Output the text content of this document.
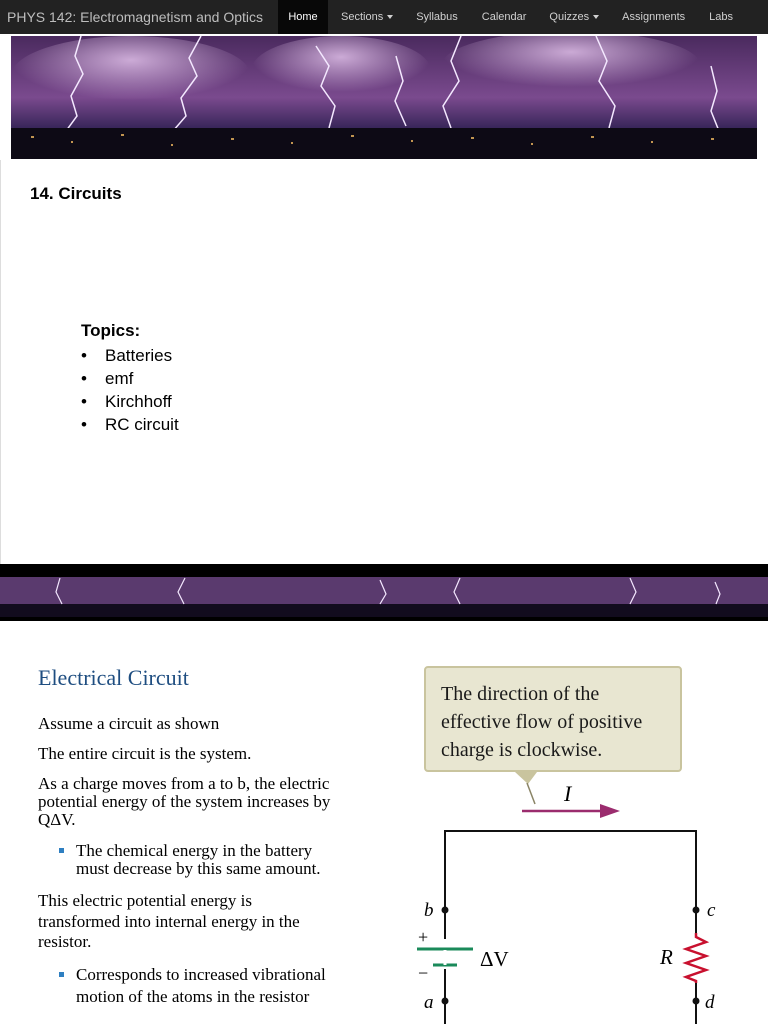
PHYS 142: Electromagnetism and Optics	Home	Sections	Syllabus Calendar Quizzes	Assignments Labs
14. Circuits
Topics:
• Batteries
• emf
• Kirchhoff
• RC circuit
Electrical Circuit
Assume a circuit as shown
The entire circuit is the system.
As a charge moves from a to b, the electric
potential energy of the system increases by
QΔV.
The chemical energy in the battery
must decrease by this same amount.
This electric potential energy is
transformed into internal energy in the
resistor.
Corresponds to increased vibrational
motion of the atoms in the resistor
The direction of the
effective flow of positive
charge is clockwise.
I
+
−
ΔV	R
b
a
c
d
